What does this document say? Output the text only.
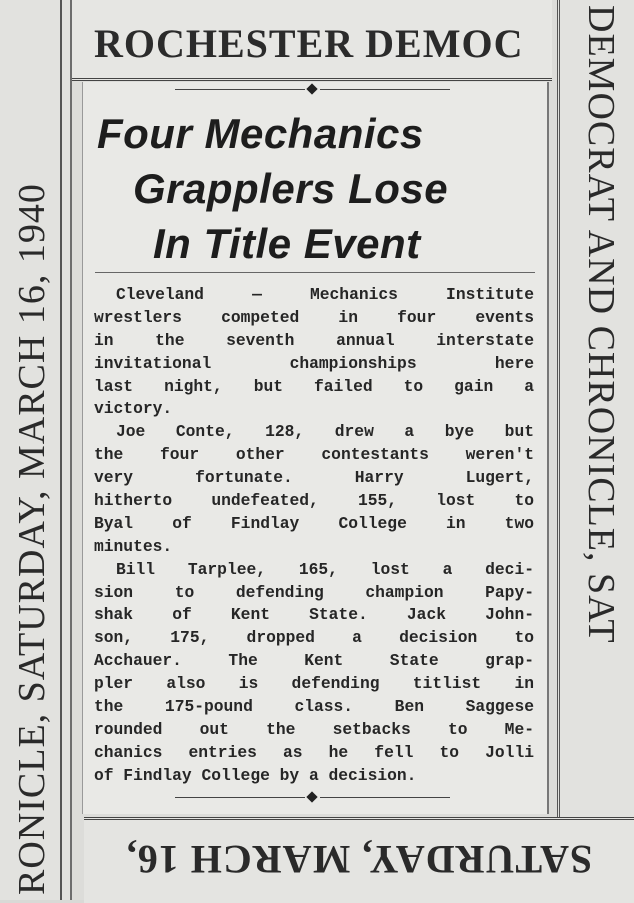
RONICLE, SATURDAY, MARCH 16, 1940	DEMOCRAT AND CHRONICLE, SAT
ROCHESTER DEMOC
Four Mechanics
Grapplers Lose
In Title Event
Cleveland — Mechanics Institute
wrestlers competed in four events
in the seventh annual interstate
invitational championships here
last night, but failed to gain a
victory.
Joe Conte, 128, drew a bye but
the four other contestants weren't
very fortunate. Harry Lugert,
hitherto undefeated, 155, lost to
Byal of Findlay College in two
minutes.
Bill Tarplee, 165, lost a deci-
sion to defending champion Papy-
shak of Kent State. Jack John-
son, 175, dropped a decision to
Acchauer. The Kent State grap-
pler also is defending titlist in
the 175-pound class. Ben Saggese
rounded out the setbacks to Me-
chanics entries as he fell to Jolli
of Findlay College by a decision.
SATURDAY, MARCH 16,
